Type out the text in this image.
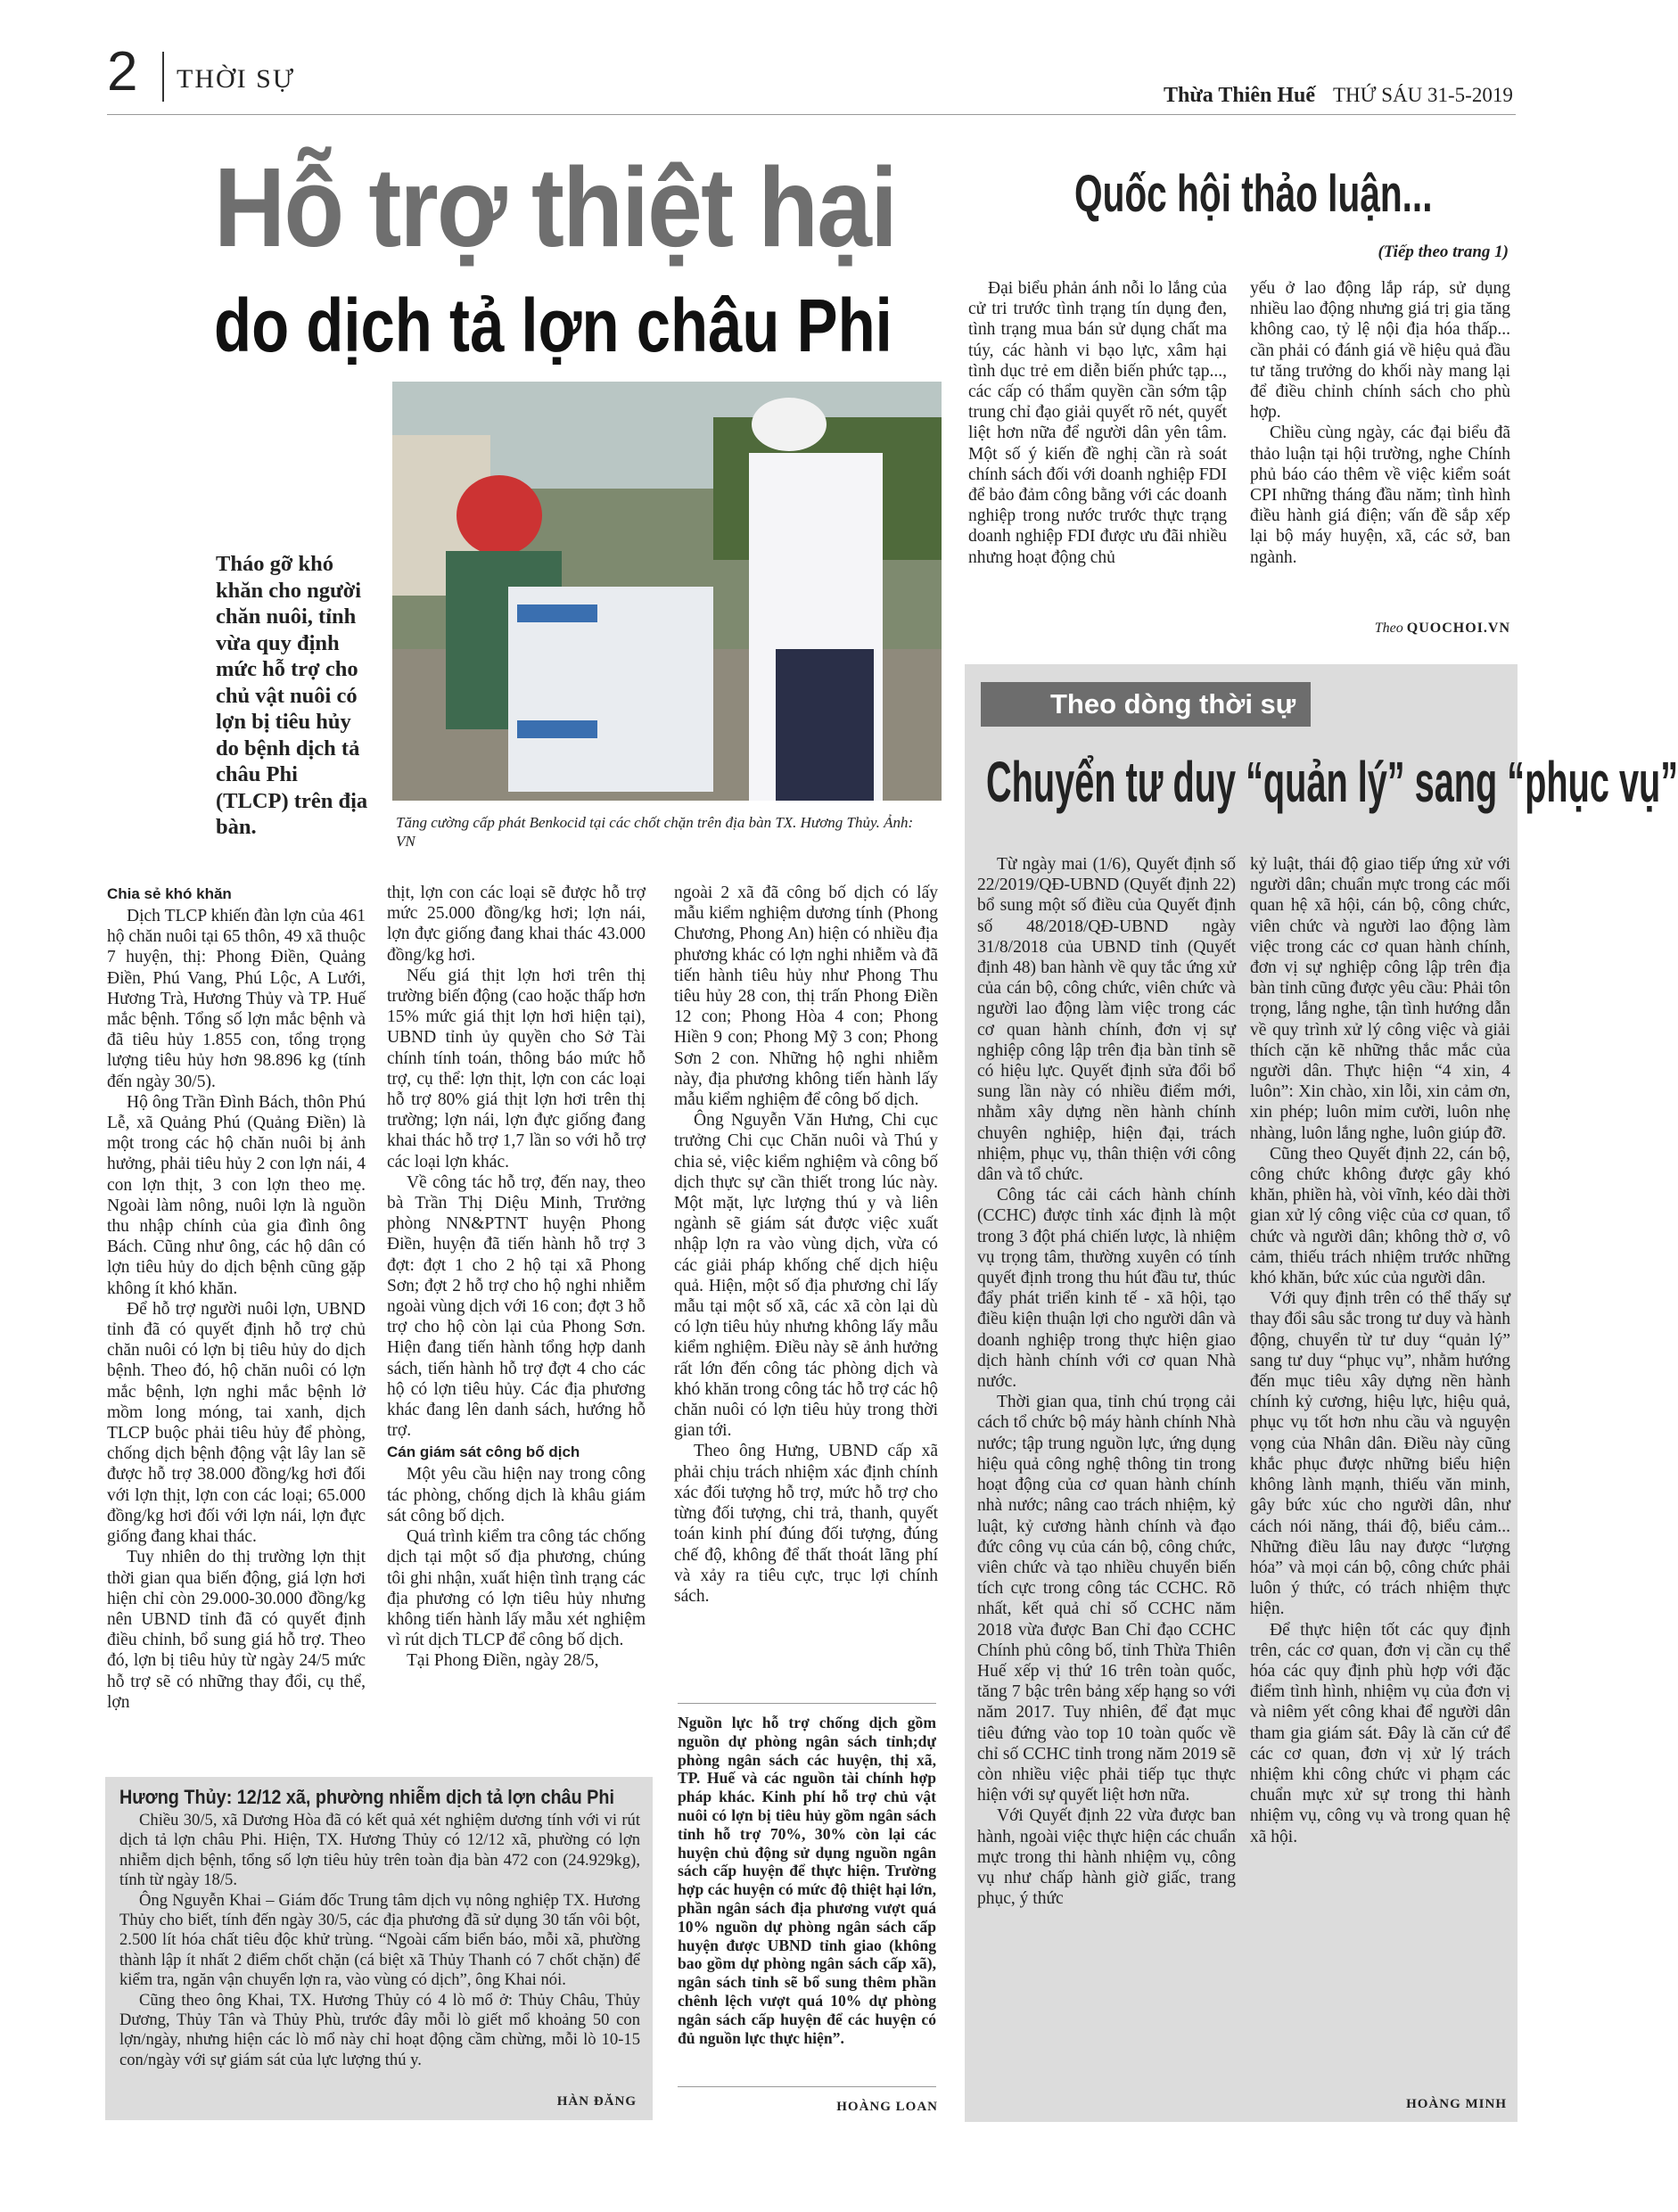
2 THỜI SỰ
Thừa Thiên Huế THỨ SÁU 31-5-2019
Hỗ trợ thiệt hại
do dịch tả lợn châu Phi
Tháo gỡ khó khăn cho người chăn nuôi, tỉnh vừa quy định mức hỗ trợ cho chủ vật nuôi có lợn bị tiêu hủy do bệnh dịch tả châu Phi (TLCP) trên địa bàn.	Tăng cường cấp phát Benkocid tại các chốt chặn trên địa bàn TX. Hương Thủy. Ảnh: VN
Chia sẻ khó khăn

Dịch TLCP khiến đàn lợn của 461 hộ chăn nuôi tại 65 thôn, 49 xã thuộc 7 huyện, thị: Phong Điền, Quảng Điền, Phú Vang, Phú Lộc, A Lưới, Hương Trà, Hương Thủy và TP. Huế mắc bệnh. Tổng số lợn mắc bệnh và đã tiêu hủy 1.855 con, tổng trọng lượng tiêu hủy hơn 98.896 kg (tính đến ngày 30/5).

Hộ ông Trần Đình Bách, thôn Phú Lễ, xã Quảng Phú (Quảng Điền) là một trong các hộ chăn nuôi bị ảnh hưởng, phải tiêu hủy 2 con lợn nái, 4 con lợn thịt, 3 con lợn theo mẹ. Ngoài làm nông, nuôi lợn là nguồn thu nhập chính của gia đình ông Bách. Cũng như ông, các hộ dân có lợn tiêu hủy do dịch bệnh cũng gặp không ít khó khăn.

Để hỗ trợ người nuôi lợn, UBND tỉnh đã có quyết định hỗ trợ chủ chăn nuôi có lợn bị tiêu hủy do dịch bệnh. Theo đó, hộ chăn nuôi có lợn mắc bệnh, lợn nghi mắc bệnh lở mồm long móng, tai xanh, dịch TLCP buộc phải tiêu hủy để phòng, chống dịch bệnh động vật lây lan sẽ được hỗ trợ 38.000 đồng/kg hơi đối với lợn thịt, lợn con các loại; 65.000 đồng/kg hơi đối với lợn nái, lợn đực giống đang khai thác.

Tuy nhiên do thị trường lợn thịt thời gian qua biến động, giá lợn hơi hiện chỉ còn 29.000-30.000 đồng/kg nên UBND tỉnh đã có quyết định điều chỉnh, bổ sung giá hỗ trợ. Theo đó, lợn bị tiêu hủy từ ngày 24/5 mức hỗ trợ sẽ có những thay đổi, cụ thể, lợn

thịt, lợn con các loại sẽ được hỗ trợ mức 25.000 đồng/kg hơi; lợn nái, lợn đực giống đang khai thác 43.000 đồng/kg hơi.

Nếu giá thịt lợn hơi trên thị trường biến động (cao hoặc thấp hơn 15% mức giá thịt lợn hơi hiện tại), UBND tỉnh ủy quyền cho Sở Tài chính tính toán, thông báo mức hỗ trợ, cụ thể: lợn thịt, lợn con các loại hỗ trợ 80% giá thịt lợn hơi trên thị trường; lợn nái, lợn đực giống đang khai thác hỗ trợ 1,7 lần so với hỗ trợ các loại lợn khác.

Về công tác hỗ trợ, đến nay, theo bà Trần Thị Diệu Minh, Trưởng phòng NN&PTNT huyện Phong Điền, huyện đã tiến hành hỗ trợ 3 đợt: đợt 1 cho 2 hộ tại xã Phong Sơn; đợt 2 hỗ trợ cho hộ nghi nhiễm ngoài vùng dịch với 16 con; đợt 3 hỗ trợ cho hộ còn lại của Phong Sơn. Hiện đang tiến hành tổng hợp danh sách, tiến hành hỗ trợ đợt 4 cho các hộ có lợn tiêu hủy. Các địa phương khác đang lên danh sách, hướng hỗ trợ.

Cán giám sát công bố dịch

Một yêu cầu hiện nay trong công tác phòng, chống dịch là khâu giám sát công bố dịch.

Quá trình kiểm tra công tác chống dịch tại một số địa phương, chúng tôi ghi nhận, xuất hiện tình trạng các địa phương có lợn tiêu hủy nhưng không tiến hành lấy mẫu xét nghiệm vì rút dịch TLCP để công bố dịch.

Tại Phong Điền, ngày 28/5,

ngoài 2 xã đã công bố dịch có lấy mẫu kiểm nghiệm dương tính (Phong Chương, Phong An) hiện có nhiều địa phương khác có lợn nghi nhiễm và đã tiến hành tiêu hủy như Phong Thu tiêu hủy 28 con, thị trấn Phong Điền 12 con; Phong Hòa 4 con; Phong Hiền 9 con; Phong Mỹ 3 con; Phong Sơn 2 con. Những hộ nghi nhiễm này, địa phương không tiến hành lấy mẫu kiểm nghiệm để công bố dịch.

Ông Nguyễn Văn Hưng, Chi cục trưởng Chi cục Chăn nuôi và Thú y chia sẻ, việc kiểm nghiệm và công bố dịch thực sự cần thiết trong lúc này. Một mặt, lực lượng thú y và liên ngành sẽ giám sát được việc xuất nhập lợn ra vào vùng dịch, vừa có các giải pháp khống chế dịch hiệu quả. Hiện, một số địa phương chỉ lấy mẫu tại một số xã, các xã còn lại dù có lợn tiêu hủy nhưng không lấy mẫu kiểm nghiệm. Điều này sẽ ảnh hưởng rất lớn đến công tác phòng dịch và khó khăn trong công tác hỗ trợ các hộ chăn nuôi có lợn tiêu hủy trong thời gian tới.

Theo ông Hưng, UBND cấp xã phải chịu trách nhiệm xác định chính xác đối tượng hỗ trợ, mức hỗ trợ cho từng đối tượng, chi trả, thanh, quyết toán kinh phí đúng đối tượng, đúng chế độ, không để thất thoát lãng phí và xảy ra tiêu cực, trục lợi chính sách.

Nguồn lực hỗ trợ chống dịch gồm nguồn dự phòng ngân sách tỉnh;dự phòng ngân sách các huyện, thị xã, TP. Huế và các nguồn tài chính hợp pháp khác. Kinh phí hỗ trợ chủ vật nuôi có lợn bị tiêu hủy gồm ngân sách tỉnh hỗ trợ 70%, 30% còn lại các huyện chủ động sử dụng nguồn ngân sách cấp huyện để thực hiện. Trường hợp các huyện có mức độ thiệt hại lớn, phần ngân sách địa phương vượt quá 10% nguồn dự phòng ngân sách cấp huyện được UBND tỉnh giao (không bao gồm dự phòng ngân sách cấp xã), ngân sách tỉnh sẽ bổ sung thêm phần chênh lệch vượt quá 10% dự phòng ngân sách cấp huyện để các huyện có đủ nguồn lực thực hiện”.
HOÀNG LOAN
Hương Thủy: 12/12 xã, phường nhiễm dịch tả lợn châu Phi

Chiều 30/5, xã Dương Hòa đã có kết quả xét nghiệm dương tính với vi rút dịch tả lợn châu Phi. Hiện, TX. Hương Thủy có 12/12 xã, phường có lợn nhiễm dịch bệnh, tổng số lợn tiêu hủy trên toàn địa bàn 472 con (24.929kg), tính từ ngày 18/5.

Ông Nguyễn Khai – Giám đốc Trung tâm dịch vụ nông nghiệp TX. Hương Thủy cho biết, tính đến ngày 30/5, các địa phương đã sử dụng 30 tấn vôi bột, 2.500 lít hóa chất tiêu độc khử trùng. “Ngoài cấm biển báo, mỗi xã, phường thành lập ít nhất 2 điểm chốt chặn (cá biệt xã Thủy Thanh có 7 chốt chặn) để kiểm tra, ngăn vận chuyển lợn ra, vào vùng có dịch”, ông Khai nói.

Cũng theo ông Khai, TX. Hương Thủy có 4 lò mổ ở: Thủy Châu, Thủy Dương, Thủy Tân và Thủy Phù, trước đây mỗi lò giết mổ khoảng 50 con lợn/ngày, nhưng hiện các lò mổ này chỉ hoạt động cầm chừng, mỗi lò 10-15 con/ngày với sự giám sát của lực lượng thú y.

HÀN ĐĂNG
Quốc hội thảo luận...
(Tiếp theo trang 1)

Đại biểu phản ánh nỗi lo lắng của cử tri trước tình trạng tín dụng đen, tình trạng mua bán sử dụng chất ma túy, các hành vi bạo lực, xâm hại tình dục trẻ em diễn biến phức tạp..., các cấp có thẩm quyền cần sớm tập trung chỉ đạo giải quyết rõ nét, quyết liệt hơn nữa để người dân yên tâm. Một số ý kiến đề nghị cần rà soát chính sách đối với doanh nghiệp FDI để bảo đảm công bằng với các doanh nghiệp trong nước trước thực trạng doanh nghiệp FDI được ưu đãi nhiều nhưng hoạt động chủ

yếu ở lao động lắp ráp, sử dụng nhiều lao động nhưng giá trị gia tăng không cao, tỷ lệ nội địa hóa thấp... cần phải có đánh giá về hiệu quả đầu tư tăng trưởng do khối này mang lại để điều chỉnh chính sách cho phù hợp.

Chiều cùng ngày, các đại biểu đã thảo luận tại hội trường, nghe Chính phủ báo cáo thêm về việc kiểm soát CPI những tháng đầu năm; tình hình điều hành giá điện; vấn đề sắp xếp lại bộ máy huyện, xã, các sở, ban ngành.

Theo QUOCHOI.VN
Theo dòng thời sự
Chuyển tư duy “quản lý” sang “phục vụ”

Từ ngày mai (1/6), Quyết định số 22/2019/QĐ-UBND (Quyết định 22) bổ sung một số điều của Quyết định số 48/2018/QĐ-UBND ngày 31/8/2018 của UBND tỉnh (Quyết định 48) ban hành về quy tắc ứng xử của cán bộ, công chức, viên chức và người lao động làm việc trong các cơ quan hành chính, đơn vị sự nghiệp công lập trên địa bàn tỉnh sẽ có hiệu lực. Quyết định sửa đổi bổ sung lần này có nhiều điểm mới, nhằm xây dựng nền hành chính chuyên nghiệp, hiện đại, trách nhiệm, phục vụ, thân thiện với công dân và tổ chức.

Công tác cải cách hành chính (CCHC) được tỉnh xác định là một trong 3 đột phá chiến lược, là nhiệm vụ trọng tâm, thường xuyên có tính quyết định trong thu hút đầu tư, thúc đẩy phát triển kinh tế - xã hội, tạo điều kiện thuận lợi cho người dân và doanh nghiệp trong thực hiện giao dịch hành chính với cơ quan Nhà nước.

Thời gian qua, tỉnh chú trọng cải cách tổ chức bộ máy hành chính Nhà nước; tập trung nguồn lực, ứng dụng hiệu quả công nghệ thông tin trong hoạt động của cơ quan hành chính nhà nước; nâng cao trách nhiệm, kỷ luật, kỷ cương hành chính và đạo đức công vụ của cán bộ, công chức, viên chức và tạo nhiều chuyển biến tích cực trong công tác CCHC. Rõ nhất, kết quả chỉ số CCHC năm 2018 vừa được Ban Chỉ đạo CCHC Chính phủ công bố, tỉnh Thừa Thiên Huế xếp vị thứ 16 trên toàn quốc, tăng 7 bậc trên bảng xếp hạng so với năm 2017. Tuy nhiên, để đạt mục tiêu đứng vào top 10 toàn quốc về chỉ số CCHC tỉnh trong năm 2019 sẽ còn nhiều việc phải tiếp tục thực hiện với sự quyết liệt hơn nữa.

Với Quyết định 22 vừa được ban hành, ngoài việc thực hiện các chuẩn mực trong thi hành nhiệm vụ, công vụ như chấp hành giờ giấc, trang phục, ý thức

kỷ luật, thái độ giao tiếp ứng xử với người dân; chuẩn mực trong các mối quan hệ xã hội, cán bộ, công chức, viên chức và người lao động làm việc trong các cơ quan hành chính, đơn vị sự nghiệp công lập trên địa bàn tỉnh cũng được yêu cầu: Phải tôn trọng, lắng nghe, tận tình hướng dẫn về quy trình xử lý công việc và giải thích cặn kẽ những thắc mắc của người dân. Thực hiện “4 xin, 4 luôn”: Xin chào, xin lỗi, xin cảm ơn, xin phép; luôn mỉm cười, luôn nhẹ nhàng, luôn lắng nghe, luôn giúp đỡ.

Cũng theo Quyết định 22, cán bộ, công chức không được gây khó khăn, phiền hà, vòi vĩnh, kéo dài thời gian xử lý công việc của cơ quan, tổ chức và người dân; không thờ ơ, vô cảm, thiếu trách nhiệm trước những khó khăn, bức xúc của người dân.

Với quy định trên có thể thấy sự thay đổi sâu sắc trong tư duy và hành động, chuyển từ tư duy “quản lý” sang tư duy “phục vụ”, nhằm hướng đến mục tiêu xây dựng nền hành chính kỷ cương, hiệu lực, hiệu quả, phục vụ tốt hơn nhu cầu và nguyện vọng của Nhân dân. Điều này cũng khắc phục được những biểu hiện không lành mạnh, thiếu văn minh, gây bức xúc cho người dân, như cách nói năng, thái độ, biểu cảm... Những điều lâu nay được “lượng hóa” và mọi cán bộ, công chức phải luôn ý thức, có trách nhiệm thực hiện.

Để thực hiện tốt các quy định trên, các cơ quan, đơn vị cần cụ thể hóa các quy định phù hợp với đặc điểm tình hình, nhiệm vụ của đơn vị và niêm yết công khai để người dân tham gia giám sát. Đây là căn cứ để các cơ quan, đơn vị xử lý trách nhiệm khi công chức vi phạm các chuẩn mực xử sự trong thi hành nhiệm vụ, công vụ và trong quan hệ xã hội.

HOÀNG MINH
